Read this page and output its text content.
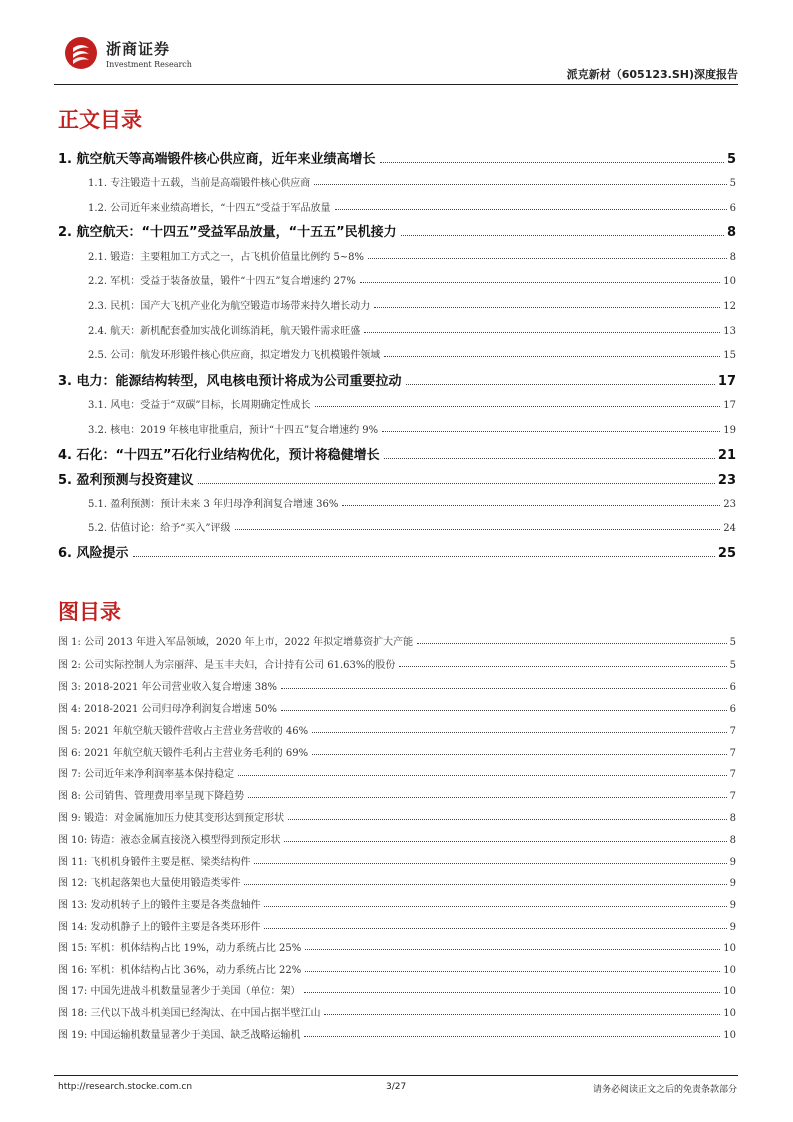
浙商证券
Investment Research
派克新材（605123.SH)深度报告
正文目录
1. 航空航天等高端锻件核心供应商，近年来业绩高增长	5
1.1. 专注锻造十五载，当前是高端锻件核心供应商	5
1.2. 公司近年来业绩高增长，“十四五”受益于军品放量	6
2. 航空航天：“十四五”受益军品放量，“十五五”民机接力	8
2.1. 锻造：主要粗加工方式之一，占飞机价值量比例约 5~8%	8
2.2. 军机：受益于装备放量，锻件“十四五”复合增速约 27%	10
2.3. 民机：国产大飞机产业化为航空锻造市场带来持久增长动力	12
2.4. 航天：新机配套叠加实战化训练消耗，航天锻件需求旺盛	13
2.5. 公司：航发环形锻件核心供应商，拟定增发力飞机模锻件领域	15
3. 电力：能源结构转型，风电核电预计将成为公司重要拉动	17
3.1. 风电：受益于“双碳”目标，长周期确定性成长	17
3.2. 核电：2019 年核电审批重启，预计“十四五”复合增速约 9%	19
4. 石化：“十四五”石化行业结构优化，预计将稳健增长	21
5. 盈利预测与投资建议	23
5.1. 盈利预测：预计未来 3 年归母净利润复合增速 36%	23
5.2. 估值讨论：给予“买入”评级	24
6. 风险提示	25
图目录
图 1: 公司 2013 年进入军品领域，2020 年上市，2022 年拟定增募资扩大产能	5
图 2: 公司实际控制人为宗丽萍、是玉丰夫妇，合计持有公司 61.63%的股份	5
图 3: 2018-2021 年公司营业收入复合增速 38%	6
图 4: 2018-2021 公司归母净利润复合增速 50%	6
图 5: 2021 年航空航天锻件营收占主营业务营收的 46%	7
图 6: 2021 年航空航天锻件毛利占主营业务毛利的 69%	7
图 7: 公司近年来净利润率基本保持稳定	7
图 8: 公司销售、管理费用率呈现下降趋势	7
图 9: 锻造：对金属施加压力使其变形达到预定形状	8
图 10: 铸造：液态金属直接浇入模型得到预定形状	8
图 11: 飞机机身锻件主要是框、梁类结构件	9
图 12: 飞机起落架也大量使用锻造类零件	9
图 13: 发动机转子上的锻件主要是各类盘轴件	9
图 14: 发动机静子上的锻件主要是各类环形件	9
图 15: 军机：机体结构占比 19%，动力系统占比 25%	10
图 16: 军机：机体结构占比 36%，动力系统占比 22%	10
图 17: 中国先进战斗机数量显著少于美国（单位：架）	10
图 18: 三代以下战斗机美国已经淘汰、在中国占据半壁江山	10
图 19: 中国运输机数量显著少于美国、缺乏战略运输机	10
http://research.stocke.com.cn	3/27	请务必阅读正文之后的免责条款部分
